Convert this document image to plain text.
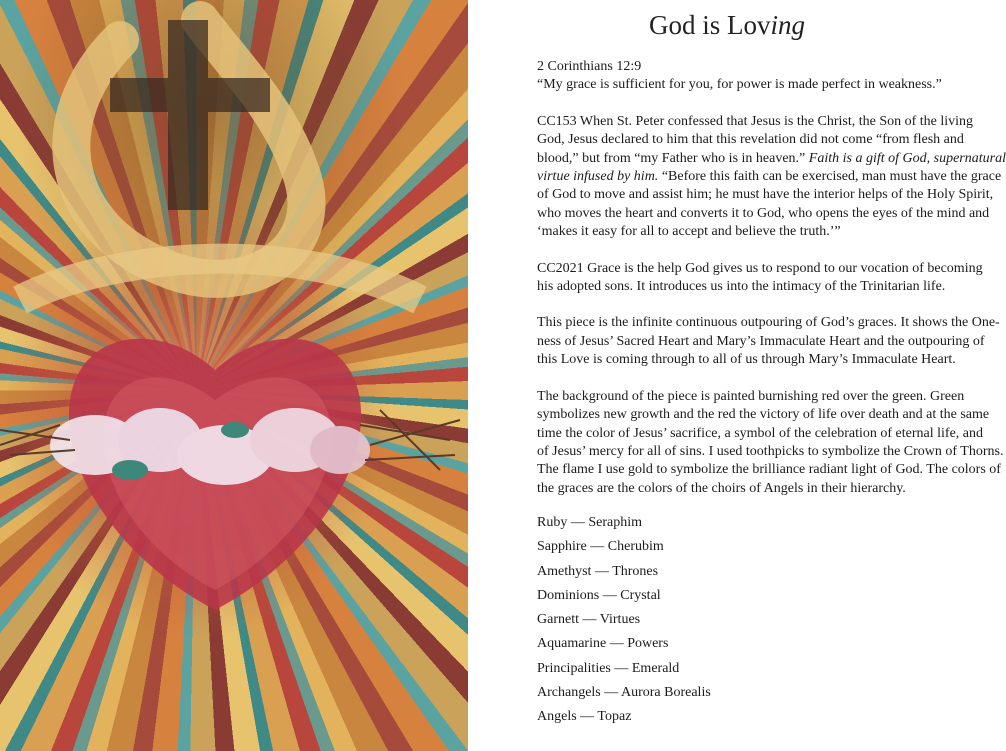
God is Loving

2 Corinthians 12:9
“My grace is sufficient for you, for power is made perfect in weakness.”

CC153 When St. Peter confessed that Jesus is the Christ, the Son of the living
God, Jesus declared to him that this revelation did not come “from flesh and
blood,” but from “my Father who is in heaven.” Faith is a gift of God, supernatural
virtue infused by him. “Before this faith can be exercised, man must have the grace
of God to move and assist him; he must have the interior helps of the Holy Spirit,
who moves the heart and converts it to God, who opens the eyes of the mind and
‘makes it easy for all to accept and believe the truth.’”

CC2021 Grace is the help God gives us to respond to our vocation of becoming
his adopted sons. It introduces us into the intimacy of the Trinitarian life.

This piece is the infinite continuous outpouring of God’s graces. It shows the One-
ness of Jesus’ Sacred Heart and Mary’s Immaculate Heart and the outpouring of
this Love is coming through to all of us through Mary’s Immaculate Heart.

The background of the piece is painted burnishing red over the green. Green
symbolizes new growth and the red the victory of life over death and at the same
time the color of Jesus’ sacrifice, a symbol of the celebration of eternal life, and
of Jesus’ mercy for all of sins. I used toothpicks to symbolize the Crown of Thorns.
The flame I use gold to symbolize the brilliance radiant light of God. The colors of
the graces are the colors of the choirs of Angels in their hierarchy.

Ruby — Seraphim
Sapphire — Cherubim
Amethyst — Thrones
Dominions — Crystal
Garnett — Virtues
Aquamarine — Powers
Principalities — Emerald
Archangels — Aurora Borealis
Angels — Topaz
